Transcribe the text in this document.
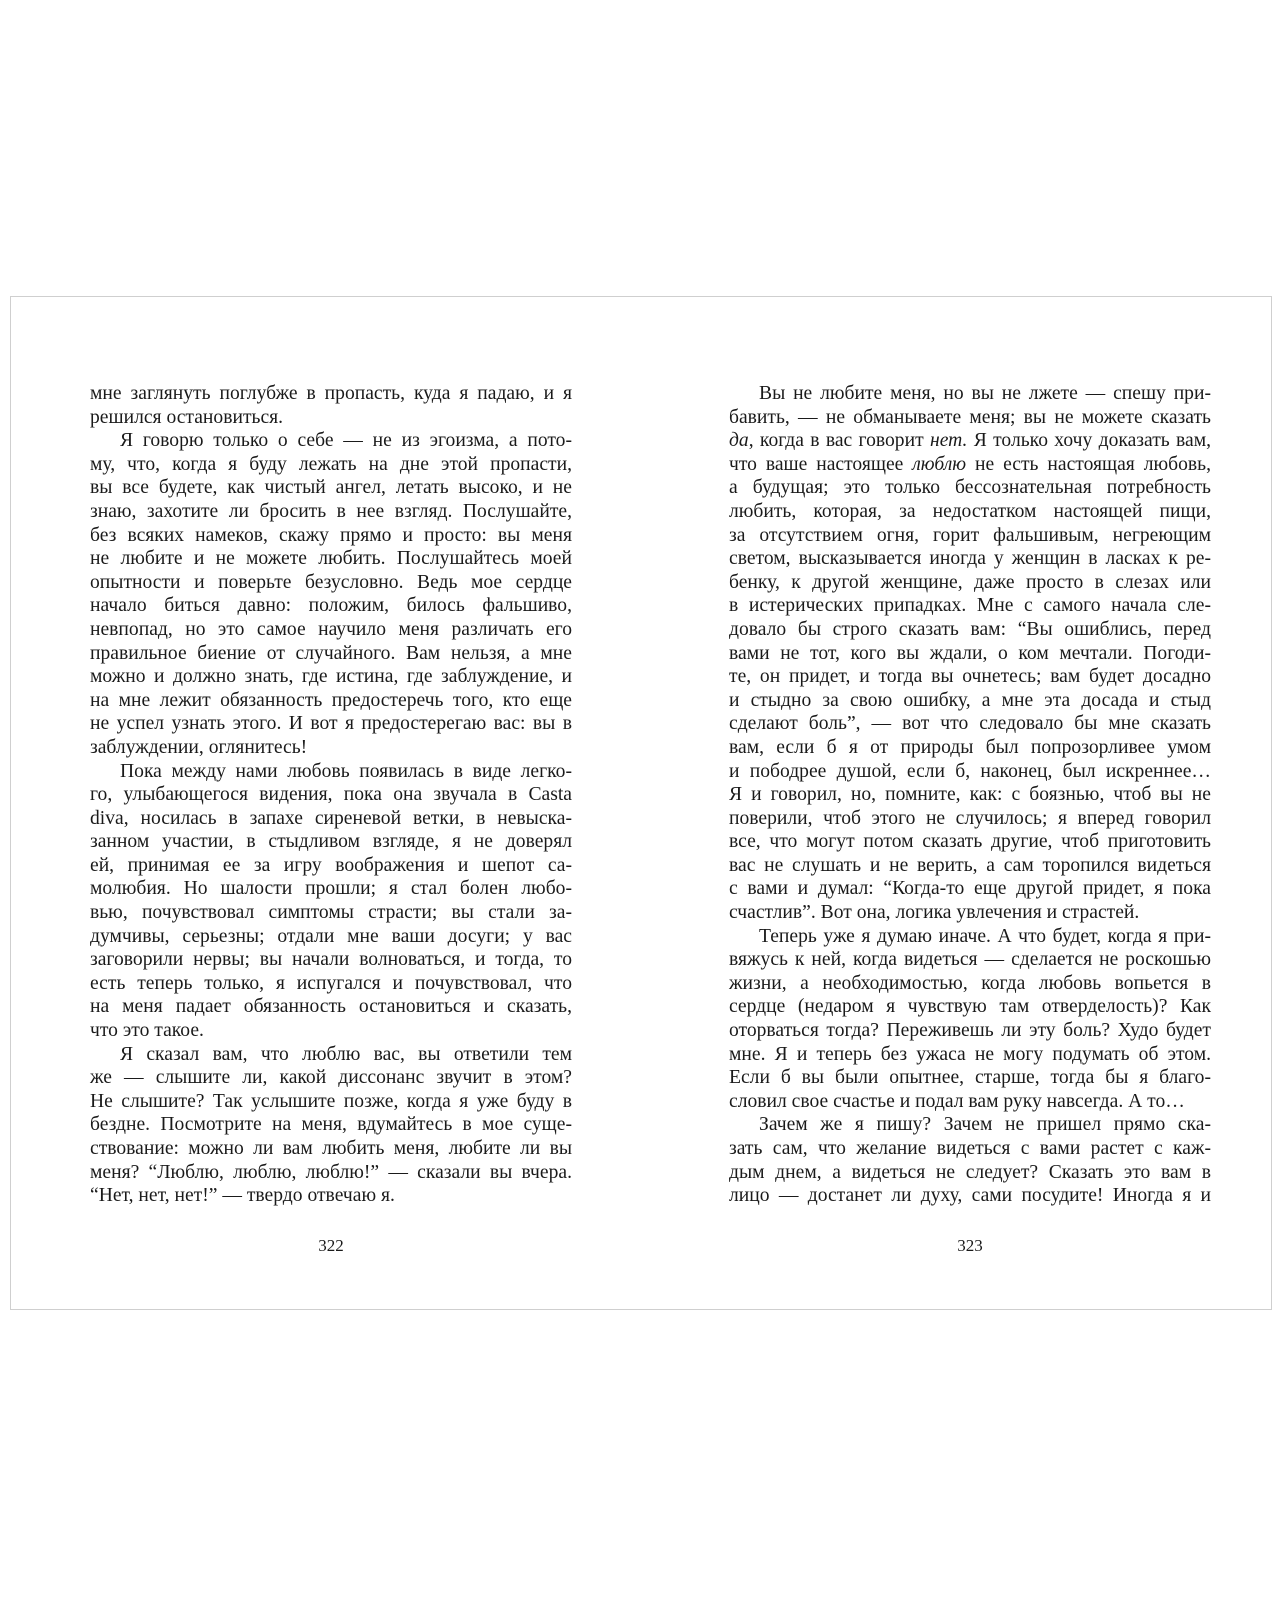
мне заглянуть поглубже в пропасть, куда я падаю, и я
решился остановиться.
Я говорю только о себе — не из эгоизма, а пото-
му, что, когда я буду лежать на дне этой пропасти,
вы все будете, как чистый ангел, летать высоко, и не
знаю, захотите ли бросить в нее взгляд. Послушайте,
без всяких намеков, скажу прямо и просто: вы меня
не любите и не можете любить. Послушайтесь моей
опытности и поверьте безусловно. Ведь мое сердце
начало биться давно: положим, билось фальшиво,
невпопад, но это самое научило меня различать его
правильное биение от случайного. Вам нельзя, а мне
можно и должно знать, где истина, где заблуждение, и
на мне лежит обязанность предостеречь того, кто еще
не успел узнать этого. И вот я предостерегаю вас: вы в
заблуждении, оглянитесь!
Пока между нами любовь появилась в виде легко-
го, улыбающегося видения, пока она звучала в Casta
diva, носилась в запахе сиреневой ветки, в невыска-
занном участии, в стыдливом взгляде, я не доверял
ей, принимая ее за игру воображения и шепот са-
молюбия. Но шалости прошли; я стал болен любо-
вью, почувствовал симптомы страсти; вы стали за-
думчивы, серьезны; отдали мне ваши досуги; у вас
заговорили нервы; вы начали волноваться, и тогда, то
есть теперь только, я испугался и почувствовал, что
на меня падает обязанность остановиться и сказать,
что это такое.
Я сказал вам, что люблю вас, вы ответили тем
же — слышите ли, какой диссонанс звучит в этом?
Не слышите? Так услышите позже, когда я уже буду в
бездне. Посмотрите на меня, вдумайтесь в мое суще-
ствование: можно ли вам любить меня, любите ли вы
меня? “Люблю, люблю, люблю!” — сказали вы вчера.
“Нет, нет, нет!” — твердо отвечаю я.
322
Вы не любите меня, но вы не лжете — спешу при-
бавить, — не обманываете меня; вы не можете сказать
да, когда в вас говорит нет. Я только хочу доказать вам,
что ваше настоящее люблю не есть настоящая любовь,
а будущая; это только бессознательная потребность
любить, которая, за недостатком настоящей пищи,
за отсутствием огня, горит фальшивым, негреющим
светом, высказывается иногда у женщин в ласках к ре-
бенку, к другой женщине, даже просто в слезах или
в истерических припадках. Мне с самого начала сле-
довало бы строго сказать вам: “Вы ошиблись, перед
вами не тот, кого вы ждали, о ком мечтали. Погоди-
те, он придет, и тогда вы очнетесь; вам будет досадно
и стыдно за свою ошибку, а мне эта досада и стыд
сделают боль”, — вот что следовало бы мне сказать
вам, если б я от природы был попрозорливее умом
и пободрее душой, если б, наконец, был искреннее…
Я и говорил, но, помните, как: с боязнью, чтоб вы не
поверили, чтоб этого не случилось; я вперед говорил
все, что могут потом сказать другие, чтоб приготовить
вас не слушать и не верить, а сам торопился видеться
с вами и думал: “Когда-то еще другой придет, я пока
счастлив”. Вот она, логика увлечения и страстей.
Теперь уже я думаю иначе. А что будет, когда я при-
вяжусь к ней, когда видеться — сделается не роскошью
жизни, а необходимостью, когда любовь вопьется в
сердце (недаром я чувствую там отверделость)? Как
оторваться тогда? Переживешь ли эту боль? Худо будет
мне. Я и теперь без ужаса не могу подумать об этом.
Если б вы были опытнее, старше, тогда бы я благо-
словил свое счастье и подал вам руку навсегда. А то…
Зачем же я пишу? Зачем не пришел прямо ска-
зать сам, что желание видеться с вами растет с каж-
дым днем, а видеться не следует? Сказать это вам в
лицо — достанет ли духу, сами посудите! Иногда я и
323
